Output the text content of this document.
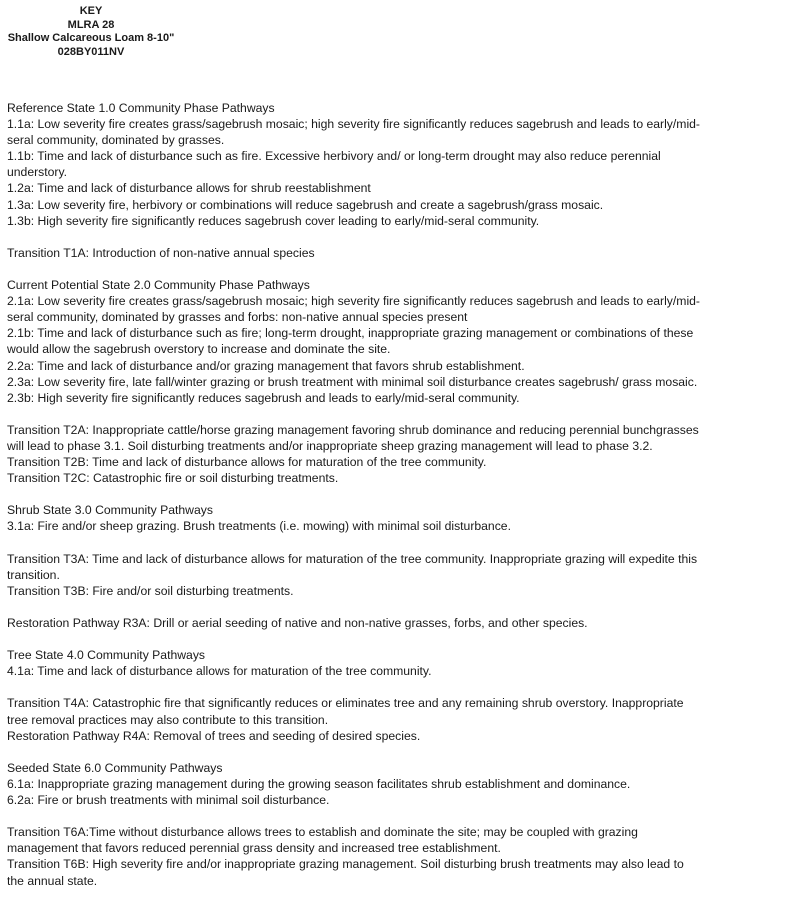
KEY
MLRA 28
Shallow Calcareous Loam 8-10"
028BY011NV
Reference State 1.0 Community Phase Pathways
1.1a: Low severity fire creates grass/sagebrush mosaic; high severity fire significantly reduces sagebrush and leads to early/mid-
seral community, dominated by grasses.
1.1b: Time and lack of disturbance such as fire. Excessive herbivory and/ or long-term drought may also reduce perennial
understory.
1.2a: Time and lack of disturbance allows for shrub reestablishment
1.3a: Low severity fire, herbivory or combinations will reduce sagebrush and create a sagebrush/grass mosaic.
1.3b: High severity fire significantly reduces sagebrush cover leading to early/mid-seral community.
Transition T1A: Introduction of non-native annual species
Current Potential State 2.0 Community Phase Pathways
2.1a: Low severity fire creates grass/sagebrush mosaic; high severity fire significantly reduces sagebrush and leads to early/mid-
seral community, dominated by grasses and forbs: non-native annual species present
2.1b: Time and lack of disturbance such as fire; long-term drought, inappropriate grazing management or combinations of these
would allow the sagebrush overstory to increase and dominate the site.
2.2a: Time and lack of disturbance and/or grazing management that favors shrub establishment.
2.3a: Low severity fire, late fall/winter grazing or brush treatment with minimal soil disturbance creates sagebrush/ grass mosaic.
2.3b: High severity fire significantly reduces sagebrush and leads to early/mid-seral community.
Transition T2A: Inappropriate cattle/horse grazing management favoring shrub dominance and reducing perennial bunchgrasses
will lead to phase 3.1. Soil disturbing treatments and/or inappropriate sheep grazing management will lead to phase 3.2.
Transition T2B: Time and lack of disturbance allows for maturation of the tree community.
Transition T2C: Catastrophic fire or soil disturbing treatments.
Shrub State 3.0 Community Pathways
3.1a: Fire and/or sheep grazing. Brush treatments (i.e. mowing) with minimal soil disturbance.
Transition T3A: Time and lack of disturbance allows for maturation of the tree community. Inappropriate grazing will expedite this
transition.
Transition T3B: Fire and/or soil disturbing treatments.
Restoration Pathway R3A: Drill or aerial seeding of native and non-native grasses, forbs, and other species.
Tree State 4.0 Community Pathways
4.1a: Time and lack of disturbance allows for maturation of the tree community.
Transition T4A: Catastrophic fire that significantly reduces or eliminates tree and any remaining shrub overstory. Inappropriate
tree removal practices may also contribute to this transition.
Restoration Pathway R4A: Removal of trees and seeding of desired species.
Seeded State 6.0 Community Pathways
6.1a: Inappropriate grazing management during the growing season facilitates shrub establishment and dominance.
6.2a: Fire or brush treatments with minimal soil disturbance.
Transition T6A:Time without disturbance allows trees to establish and dominate the site; may be coupled with grazing
management that favors reduced perennial grass density and increased tree establishment.
Transition T6B: High severity fire and/or inappropriate grazing management. Soil disturbing brush treatments may also lead to
the annual state.
